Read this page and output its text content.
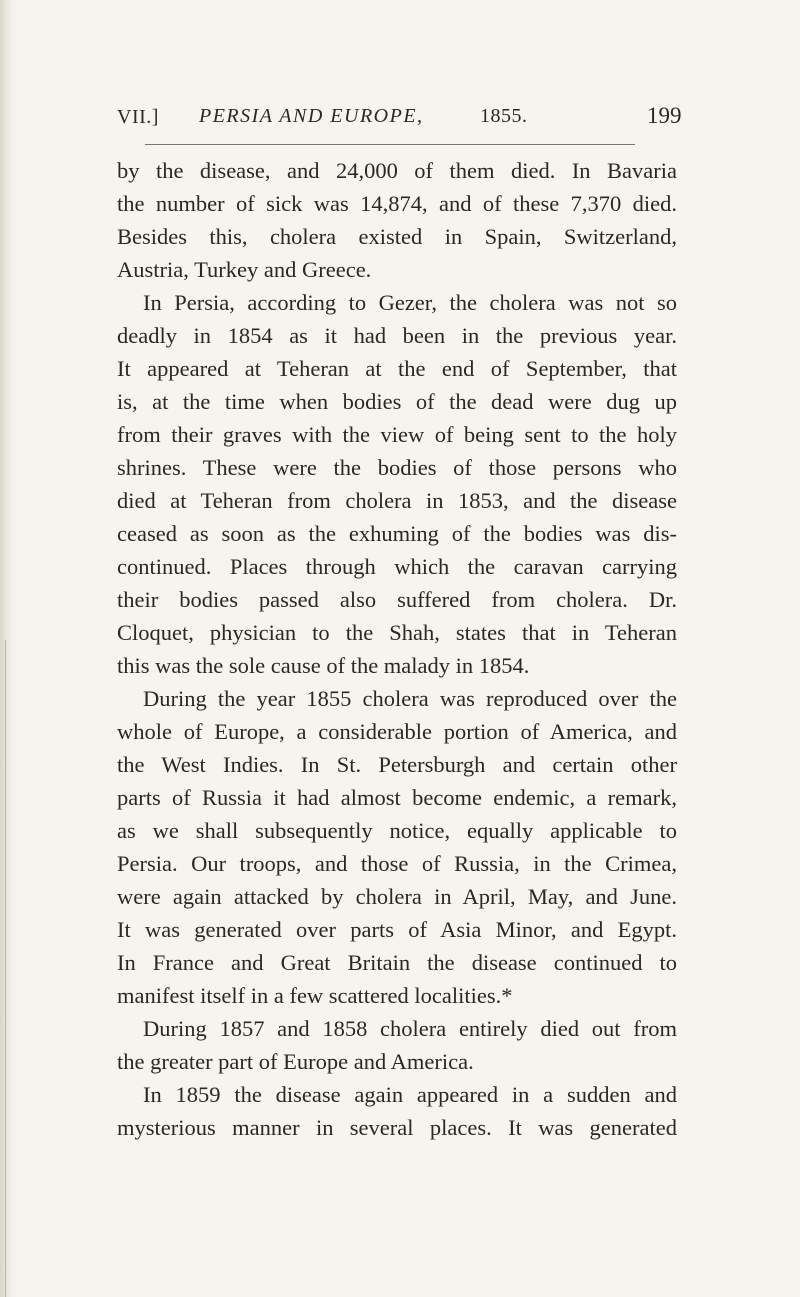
VII.] PERSIA AND EUROPE,	1855.	199
by the disease, and 24,000 of them died. In Bavaria
the number of sick was 14,874, and of these 7,370 died.
Besides this, cholera existed in Spain, Switzerland,
Austria, Turkey and Greece.
In Persia, according to Gezer, the cholera was not so
deadly in 1854 as it had been in the previous year.
It appeared at Teheran at the end of September, that
is, at the time when bodies of the dead were dug up
from their graves with the view of being sent to the holy
shrines. These were the bodies of those persons who
died at Teheran from cholera in 1853, and the disease
ceased as soon as the exhuming of the bodies was dis-
continued. Places through which the caravan carrying
their bodies passed also suffered from cholera. Dr.
Cloquet, physician to the Shah, states that in Teheran
this was the sole cause of the malady in 1854.
During the year 1855 cholera was reproduced over the
whole of Europe, a considerable portion of America, and
the West Indies. In St. Petersburgh and certain other
parts of Russia it had almost become endemic, a remark,
as we shall subsequently notice, equally applicable to
Persia. Our troops, and those of Russia, in the Crimea,
were again attacked by cholera in April, May, and June.
It was generated over parts of Asia Minor, and Egypt.
In France and Great Britain the disease continued to
manifest itself in a few scattered localities.*
During 1857 and 1858 cholera entirely died out from
the greater part of Europe and America.
In 1859 the disease again appeared in a sudden and
mysterious manner in several places. It was generated
